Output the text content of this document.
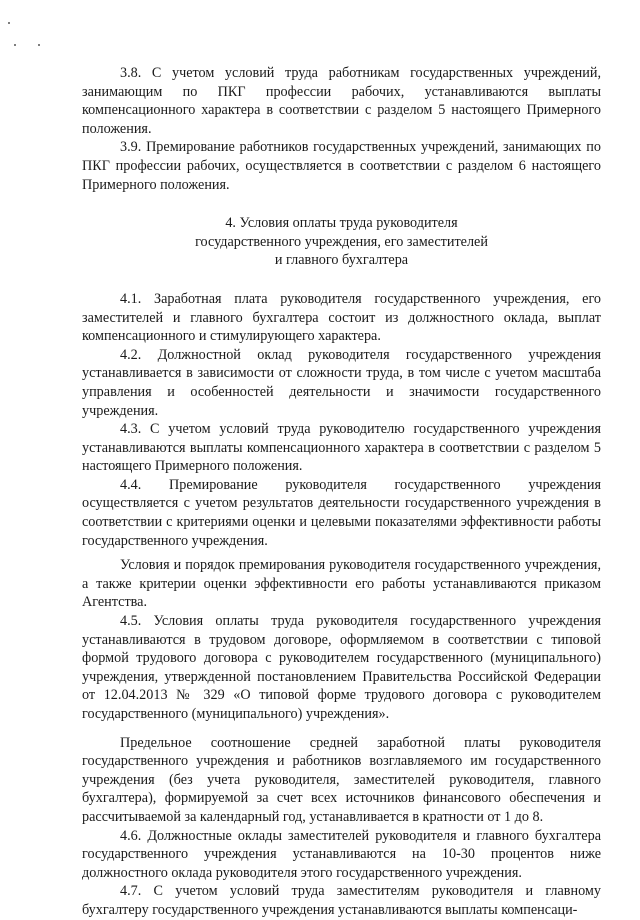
3.8. С учетом условий труда работникам государственных учреждений, занимающим по ПКГ профессии рабочих, устанавливаются выплаты компенсационного характера в соответствии с разделом 5 настоящего Примерного положения.

3.9. Премирование работников государственных учреждений, занимающих по ПКГ профессии рабочих, осуществляется в соответствии с разделом 6 настоящего Примерного положения.

4. Условия оплаты труда руководителя
государственного учреждения, его заместителей
и главного бухгалтера

4.1. Заработная плата руководителя государственного учреждения, его заместителей и главного бухгалтера состоит из должностного оклада, выплат компенсационного и стимулирующего характера.

4.2. Должностной оклад руководителя государственного учреждения устанавливается в зависимости от сложности труда, в том числе с учетом масштаба управления и особенностей деятельности и значимости государственного учреждения.

4.3. С учетом условий труда руководителю государственного учреждения устанавливаются выплаты компенсационного характера в соответствии с разделом 5 настоящего Примерного положения.

4.4. Премирование руководителя государственного учреждения осуществляется с учетом результатов деятельности государственного учреждения в соответствии с критериями оценки и целевыми показателями эффективности работы государственного учреждения.

Условия и порядок премирования руководителя государственного учреждения, а также критерии оценки эффективности его работы устанавливаются приказом Агентства.

4.5. Условия оплаты труда руководителя государственного учреждения устанавливаются в трудовом договоре, оформляемом в соответствии с типовой формой трудового договора с руководителем государственного (муниципального) учреждения, утвержденной постановлением Правительства Российской Федерации от 12.04.2013 № 329 «О типовой форме трудового договора с руководителем государственного (муниципального) учреждения».

Предельное соотношение средней заработной платы руководителя государственного учреждения и работников возглавляемого им государственного учреждения (без учета руководителя, заместителей руководителя, главного бухгалтера), формируемой за счет всех источников финансового обеспечения и рассчитываемой за календарный год, устанавливается в кратности от 1 до 8.

4.6. Должностные оклады заместителей руководителя и главного бухгалтера государственного учреждения устанавливаются на 10-30 процентов ниже должностного оклада руководителя этого государственного учреждения.

4.7. С учетом условий труда заместителям руководителя и главному бухгалтеру государственного учреждения устанавливаются выплаты компенсаци-
